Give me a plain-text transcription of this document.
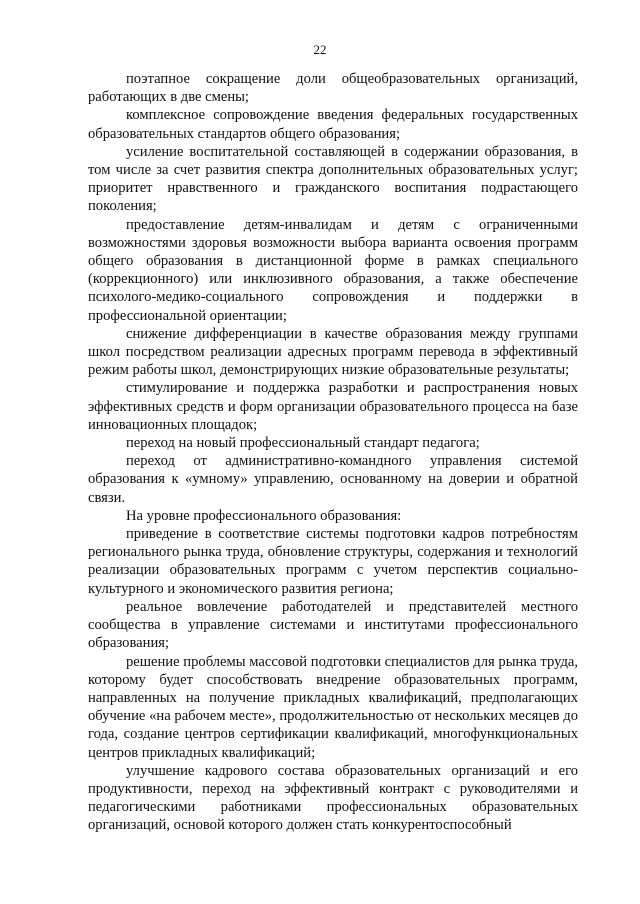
22

поэтапное сокращение доли общеобразовательных организаций, работающих в две смены;

комплексное сопровождение введения федеральных государственных образовательных стандартов общего образования;

усиление воспитательной составляющей в содержании образования, в том числе за счет развития спектра дополнительных образовательных услуг; приоритет нравственного и гражданского воспитания подрастающего поколения;

предоставление детям-инвалидам и детям с ограниченными возможностями здоровья возможности выбора варианта освоения программ общего образования в дистанционной форме в рамках специального (коррекционного) или инклюзивного образования, а также обеспечение психолого-медико-социального сопровождения и поддержки в профессиональной ориентации;

снижение дифференциации в качестве образования между группами школ посредством реализации адресных программ перевода в эффективный режим работы школ, демонстрирующих низкие образовательные результаты;

стимулирование и поддержка разработки и распространения новых эффективных средств и форм организации образовательного процесса на базе инновационных площадок;

переход на новый профессиональный стандарт педагога;

переход от административно-командного управления системой образования к «умному» управлению, основанному на доверии и обратной связи.

На уровне профессионального образования:

приведение в соответствие системы подготовки кадров потребностям регионального рынка труда, обновление структуры, содержания и технологий реализации образовательных программ с учетом перспектив социально-культурного и экономического развития региона;

реальное вовлечение работодателей и представителей местного сообщества в управление системами и институтами профессионального образования;

решение проблемы массовой подготовки специалистов для рынка труда, которому будет способствовать внедрение образовательных программ, направленных на получение прикладных квалификаций, предполагающих обучение «на рабочем месте», продолжительностью от нескольких месяцев до года, создание центров сертификации квалификаций, многофункциональных центров прикладных квалификаций;

улучшение кадрового состава образовательных организаций и его продуктивности, переход на эффективный контракт с руководителями и педагогическими работниками профессиональных образовательных организаций, основой которого должен стать конкурентоспособный
